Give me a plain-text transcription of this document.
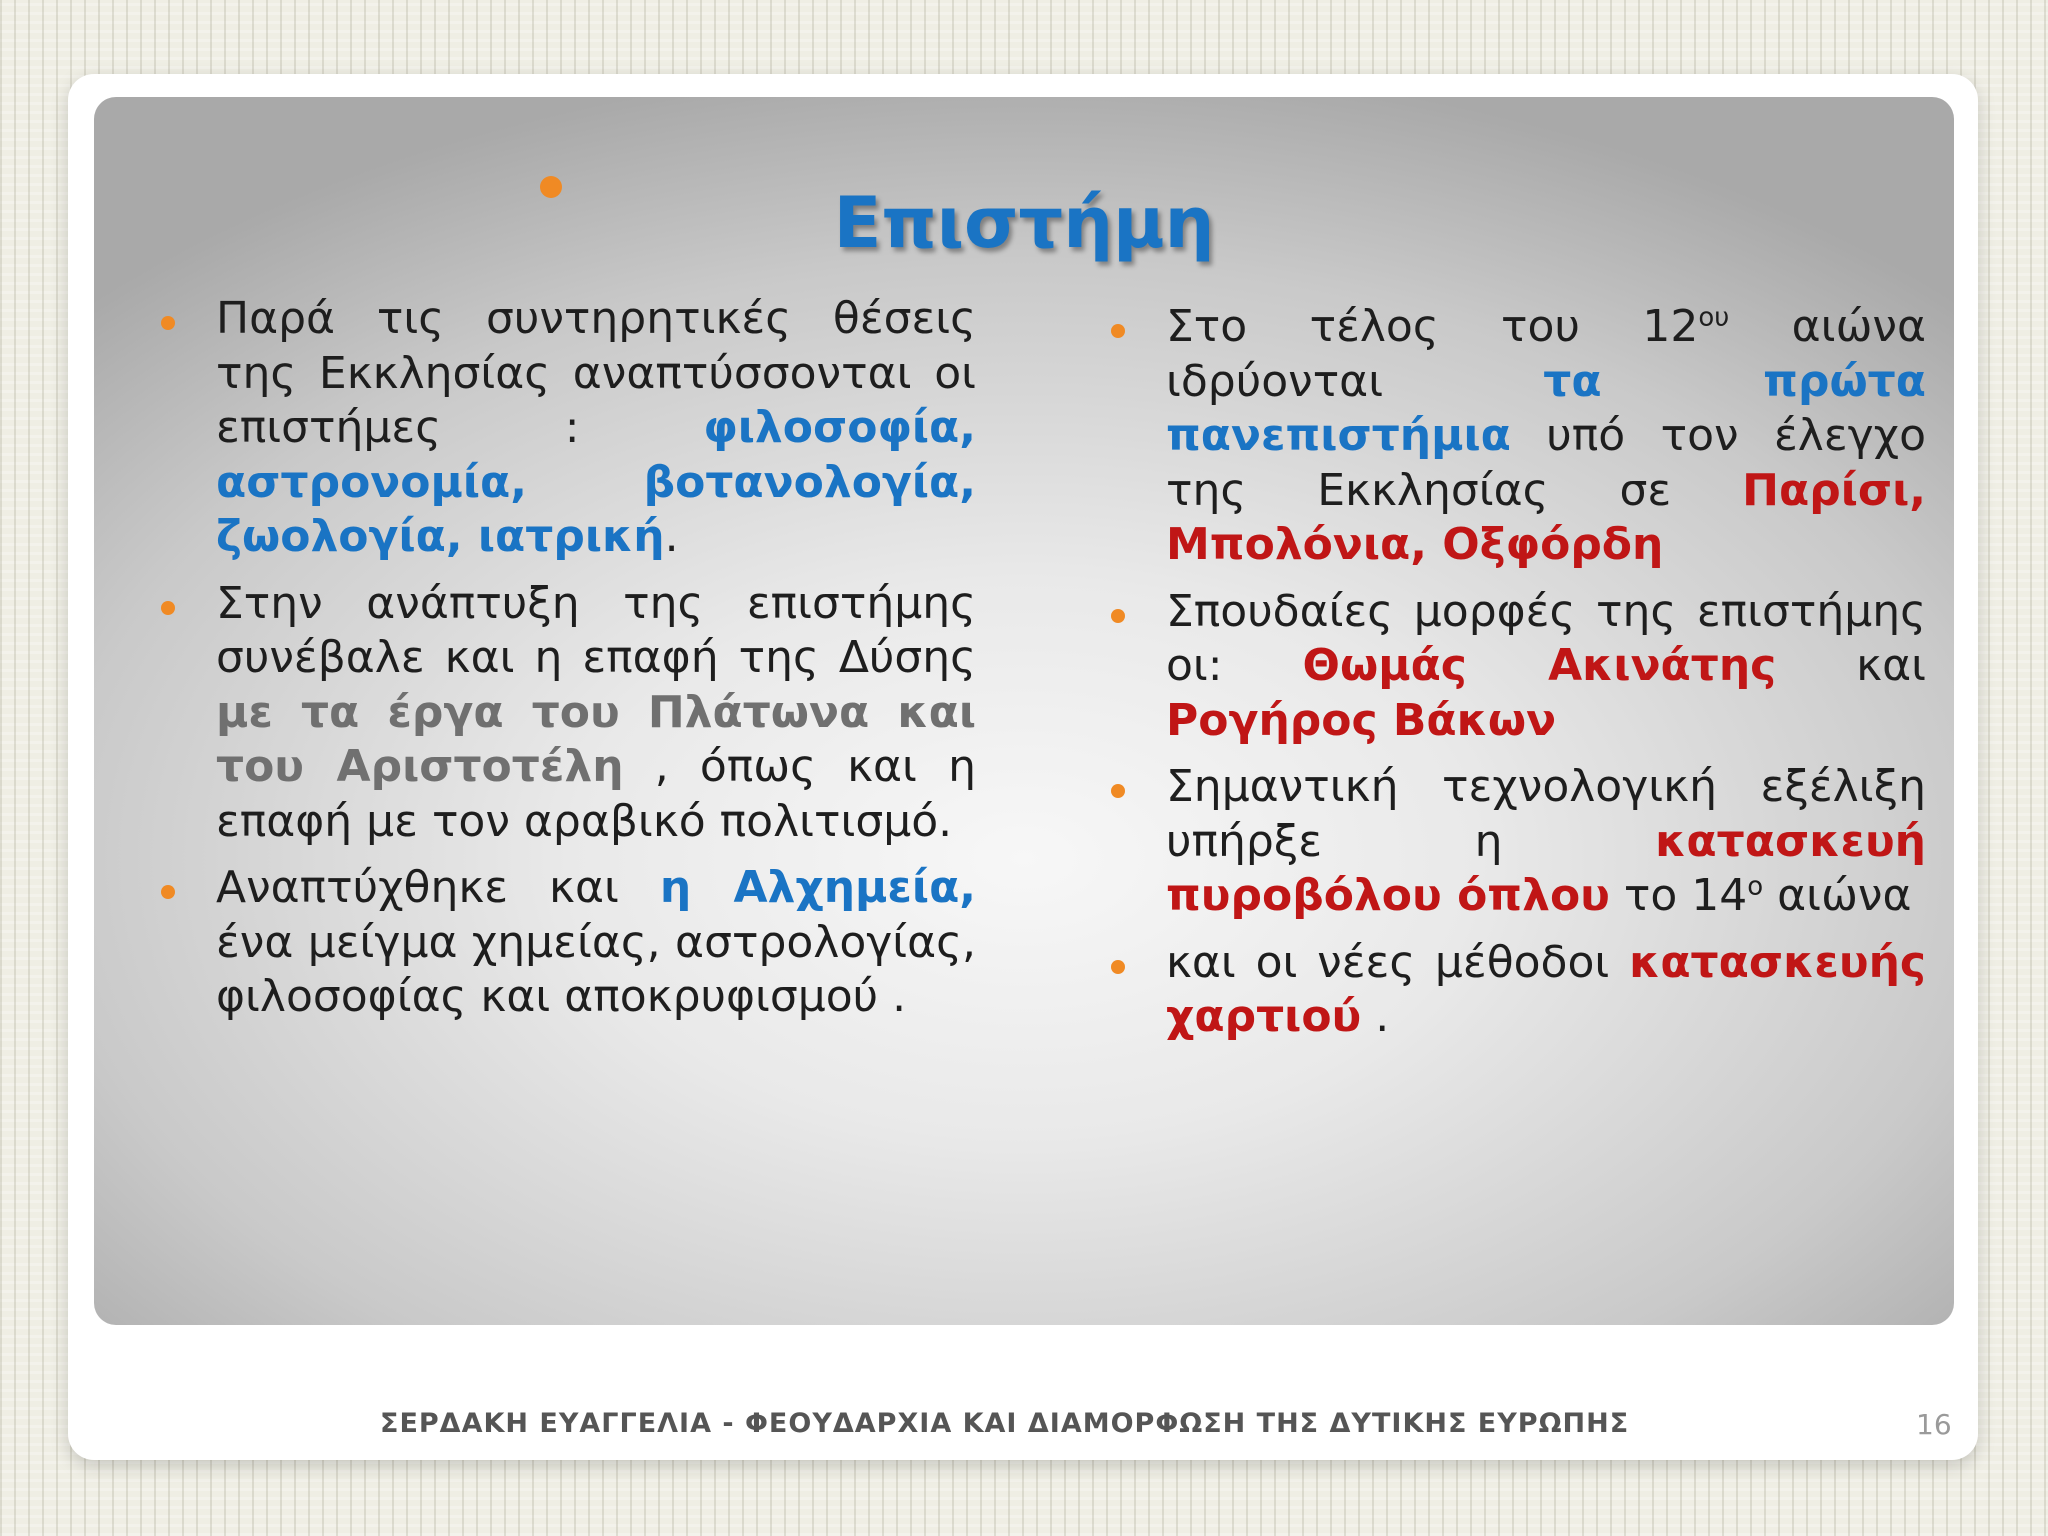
Επιστήμη
Παρά τις συντηρητικές θέσεις της Εκκλησίας αναπτύσσονται οι επιστήμες : φιλοσοφία, αστρονομία, βοτανολογία, ζωολογία, ιατρική.
Στην ανάπτυξη της επιστήμης συνέβαλε και η επαφή της Δύσης με τα έργα του Πλάτωνα και του Αριστοτέλη , όπως και η επαφή με τον αραβικό πολιτισμό.
Αναπτύχθηκε και η Αλχημεία, ένα μείγμα χημείας, αστρολογίας, φιλοσοφίας και αποκρυφισμού .
Στο τέλος του $12^{o\upsilon}$ αιώνα ιδρύονται τα πρώτα πανεπιστήμια υπό τον έλεγχο της Εκκλησίας σε Παρίσι, Μπολόνια, Οξφόρδη
Σπουδαίες μορφές της επιστήμης οι: Θωμάς Ακινάτης και Ρογήρος Βάκων
Σημαντική τεχνολογική εξέλιξη υπήρξε η κατασκευή πυροβόλου όπλου το $14^o$ αιώνα
και οι νέες μέθοδοι κατασκευής χαρτιού .
ΣΕΡΔΑΚΗ ΕΥΑΓΓΕΛΙΑ - ΦΕΟΥΔΑΡΧΙΑ ΚΑΙ ΔΙΑΜΟΡΦΩΣΗ ΤΗΣ ΔΥΤΙΚΗΣ ΕΥΡΩΠΗΣ	16
